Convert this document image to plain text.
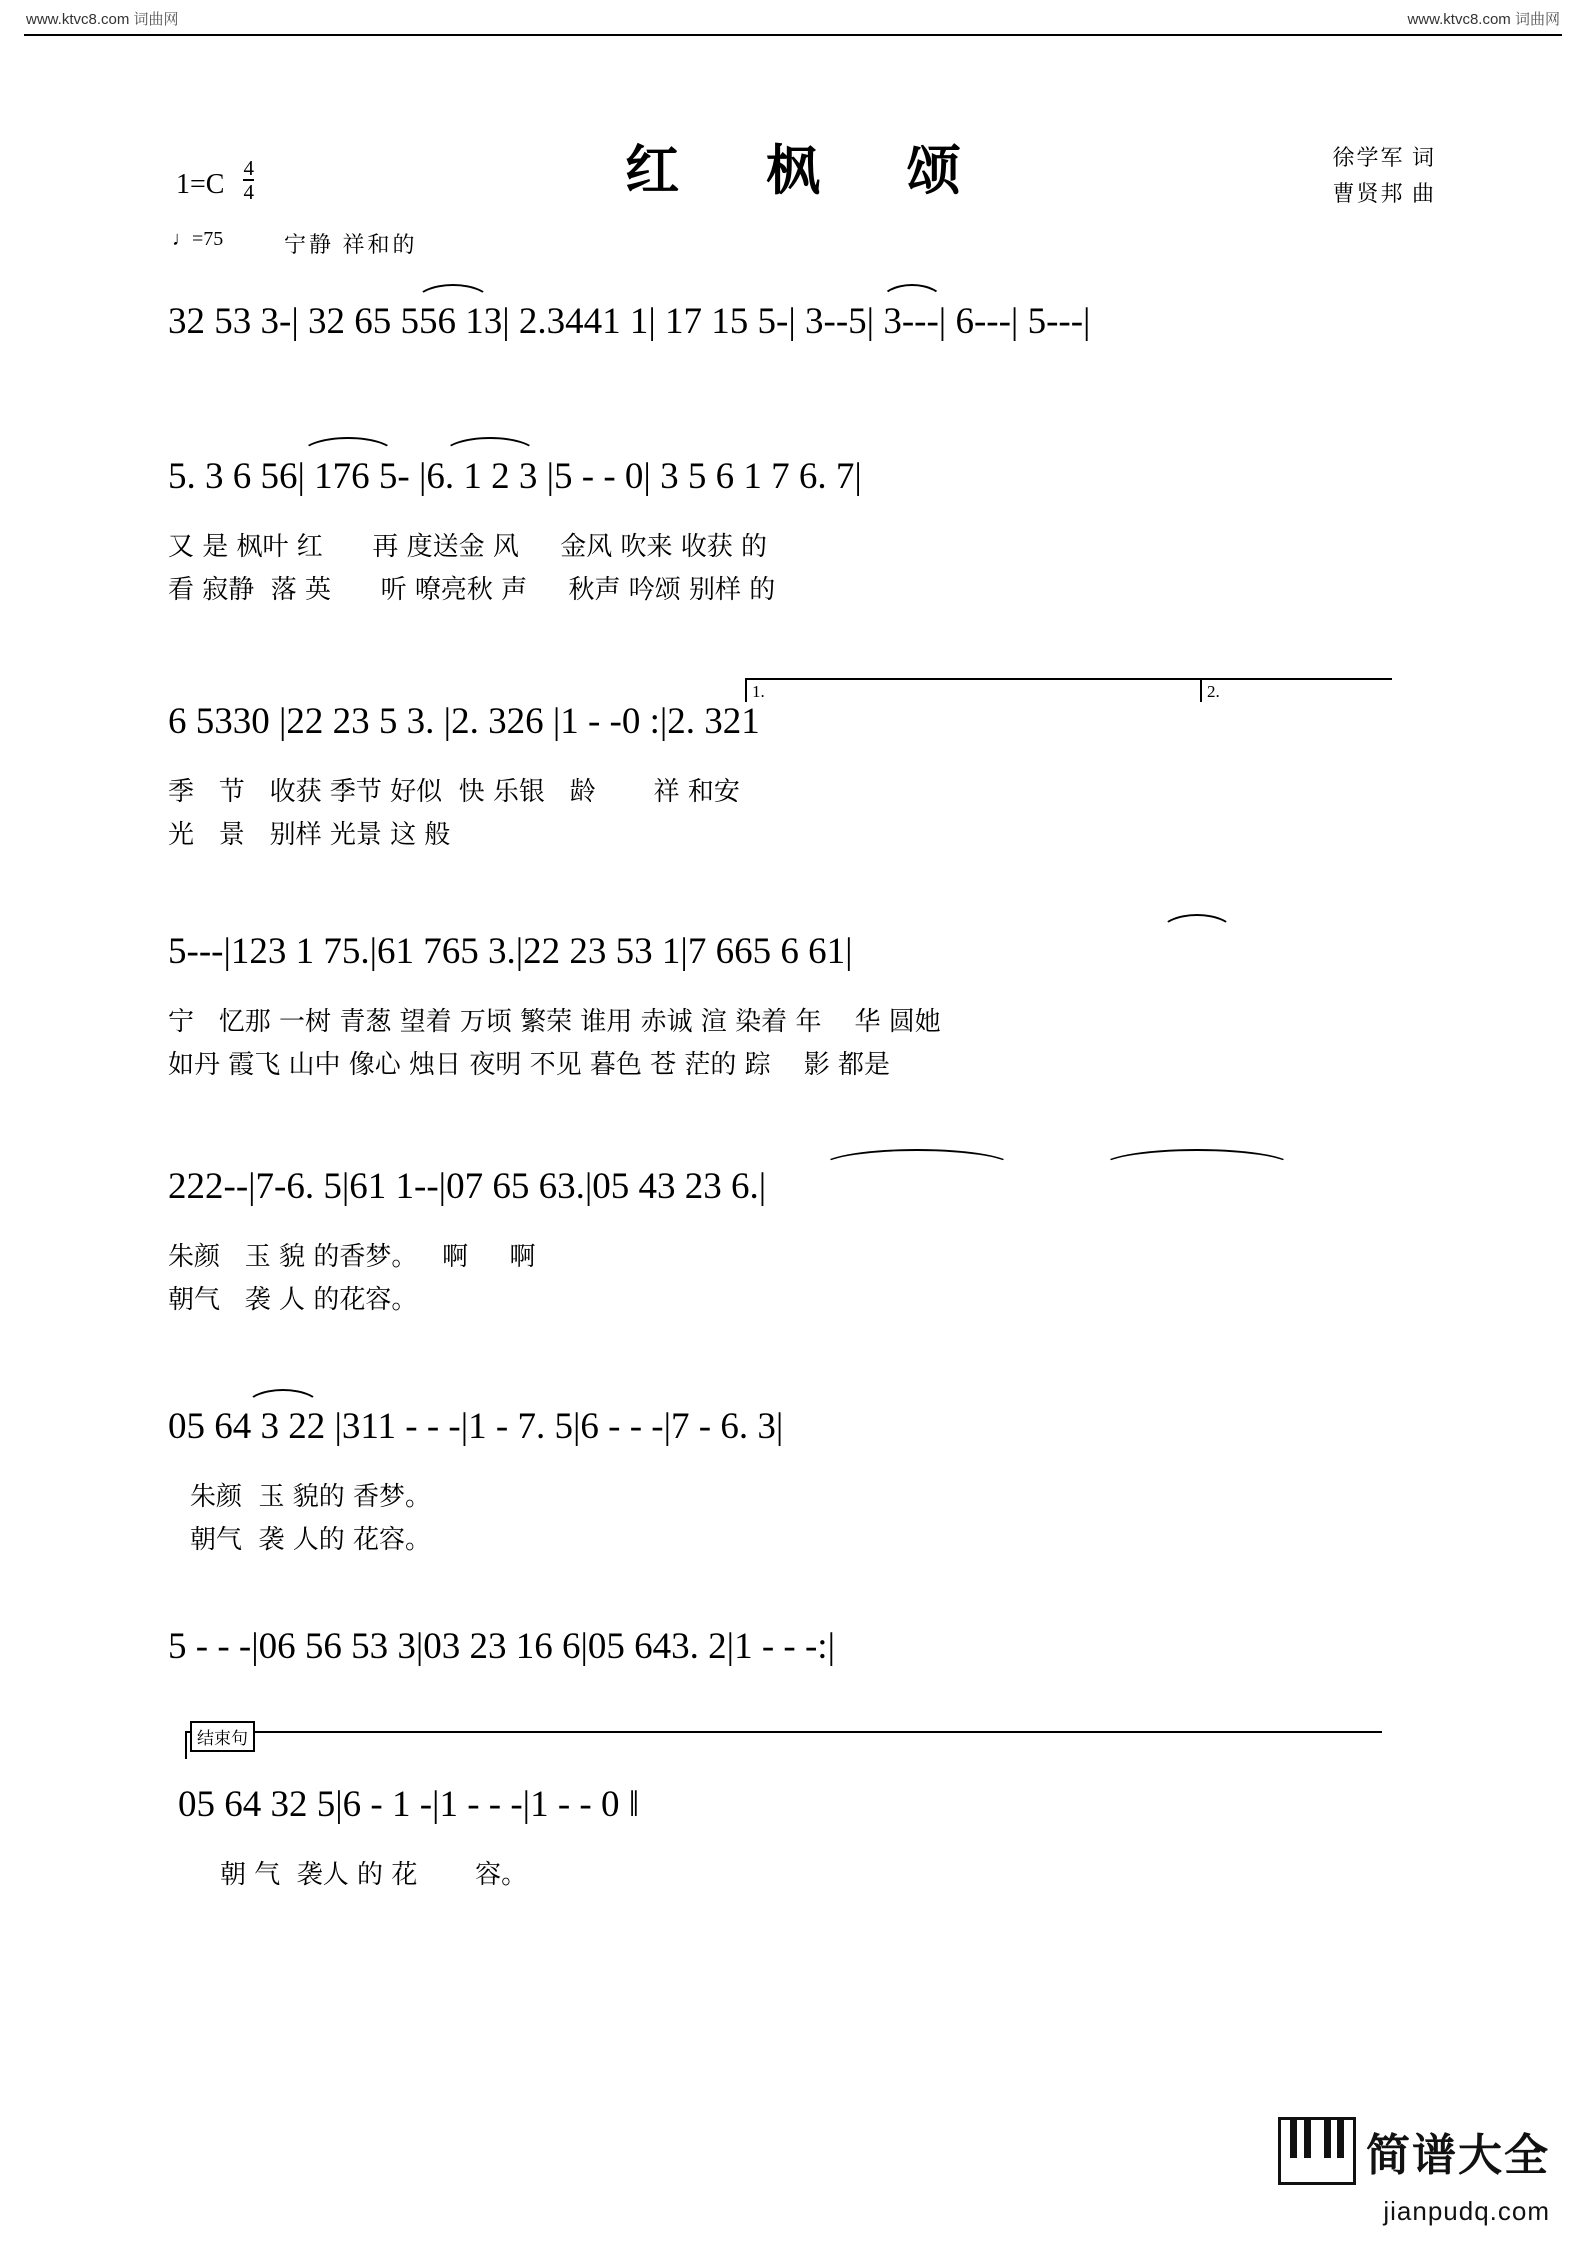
www.ktvc8.com 词曲网	www.ktvc8.com 词曲网
红 枫 颂
$1=C \frac{4}{4}$
♩=75	宁静 祥和的
徐学军 词
曹贤邦 曲
32 53 3-| 32 65 556 13| 2.3441 1| 17 15 5-| 3--5| 3---| 6---| 5---|
5. 3 6 56| 176 5- |6. 1 2 3 |5 - - 0| 3 5 6 1 7 6. 7|
又 是 枫叶 红      再 度送金 风     金风 吹来 收获 的
看 寂静  落 英      听 嘹亮秋 声     秋声 吟颂 别样 的
1.	2.
6 5330 |22 23 5 3. |2. 326 |1 - -0 :|2. 321
季   节   收获 季节 好似  快 乐银   龄       祥 和安
光   景   别样 光景 这 般
5---|123 1 75.|61 765 3.|22 23 53 1|7 665 6 61|
宁   忆那 一树 青葱 望着 万顷 繁荣 谁用 赤诚 渲 染着 年    华 圆她
如丹 霞飞 山中 像心 烛日 夜明 不见 暮色 苍 茫的 踪    影 都是
222--|7-6. 5|61 1--|07 65 63.|05 43 23 6.|
朱颜   玉 貌 的香梦。   啊     啊
朝气   袭 人 的花容。
05 64 3 22 |311 - - -|1 - 7. 5|6 - - -|7 - 6. 3|
朱颜  玉 貌的 香梦。
朝气  袭 人的 花容。
5 - - -|06 56 53 3|03 23 16 6|05 643. 2|1 - - -:|
结束句
05 64 32 5|6 - 1 -|1 - - -|1 - - 0 ‖
朝 气  袭人 的 花       容。
简谱大全
jianpudq.com
